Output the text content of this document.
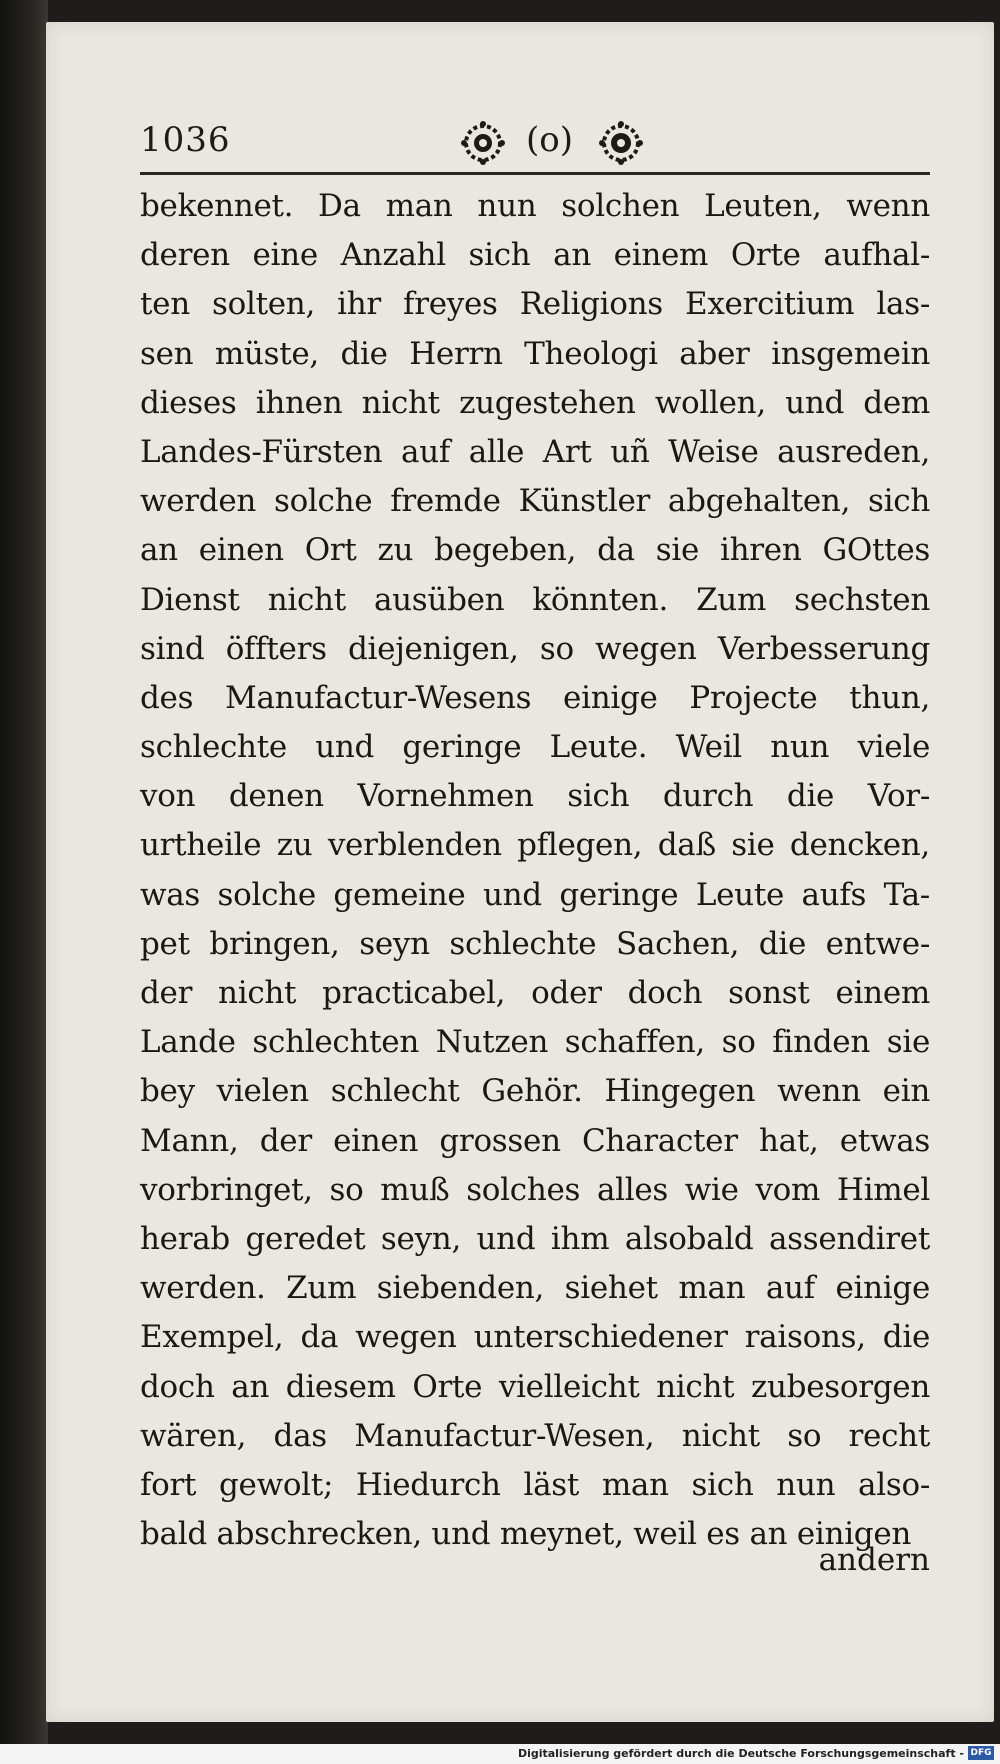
1036	(o)
bekennet. Da man nun solchen Leuten, wenn
deren eine Anzahl sich an einem Orte aufhal-
ten solten, ihr freyes Religions Exercitium las-
sen müste, die Herrn Theologi aber insgemein
dieses ihnen nicht zugestehen wollen, und dem
Landes-Fürsten auf alle Art uñ Weise ausreden,
werden solche fremde Künstler abgehalten, sich
an einen Ort zu begeben, da sie ihren GOttes
Dienst nicht ausüben könnten. Zum sechsten
sind öffters diejenigen, so wegen Verbesserung
des Manufactur-Wesens einige Projecte thun,
schlechte und geringe Leute. Weil nun viele
von denen Vornehmen sich durch die Vor-
urtheile zu verblenden pflegen, daß sie dencken,
was solche gemeine und geringe Leute aufs Ta-
pet bringen, seyn schlechte Sachen, die entwe-
der nicht practicabel, oder doch sonst einem
Lande schlechten Nutzen schaffen, so finden sie
bey vielen schlecht Gehör. Hingegen wenn ein
Mann, der einen grossen Character hat, etwas
vorbringet, so muß solches alles wie vom Himel
herab geredet seyn, und ihm alsobald assendiret
werden. Zum siebenden, siehet man auf einige
Exempel, da wegen unterschiedener raisons, die
doch an diesem Orte vielleicht nicht zubesorgen
wären, das Manufactur-Wesen, nicht so recht
fort gewolt; Hiedurch läst man sich nun also-
bald abschrecken, und meynet, weil es an einigen
andern
Digitalisierung gefördert durch die Deutsche Forschungsgemeinschaft - DFG
